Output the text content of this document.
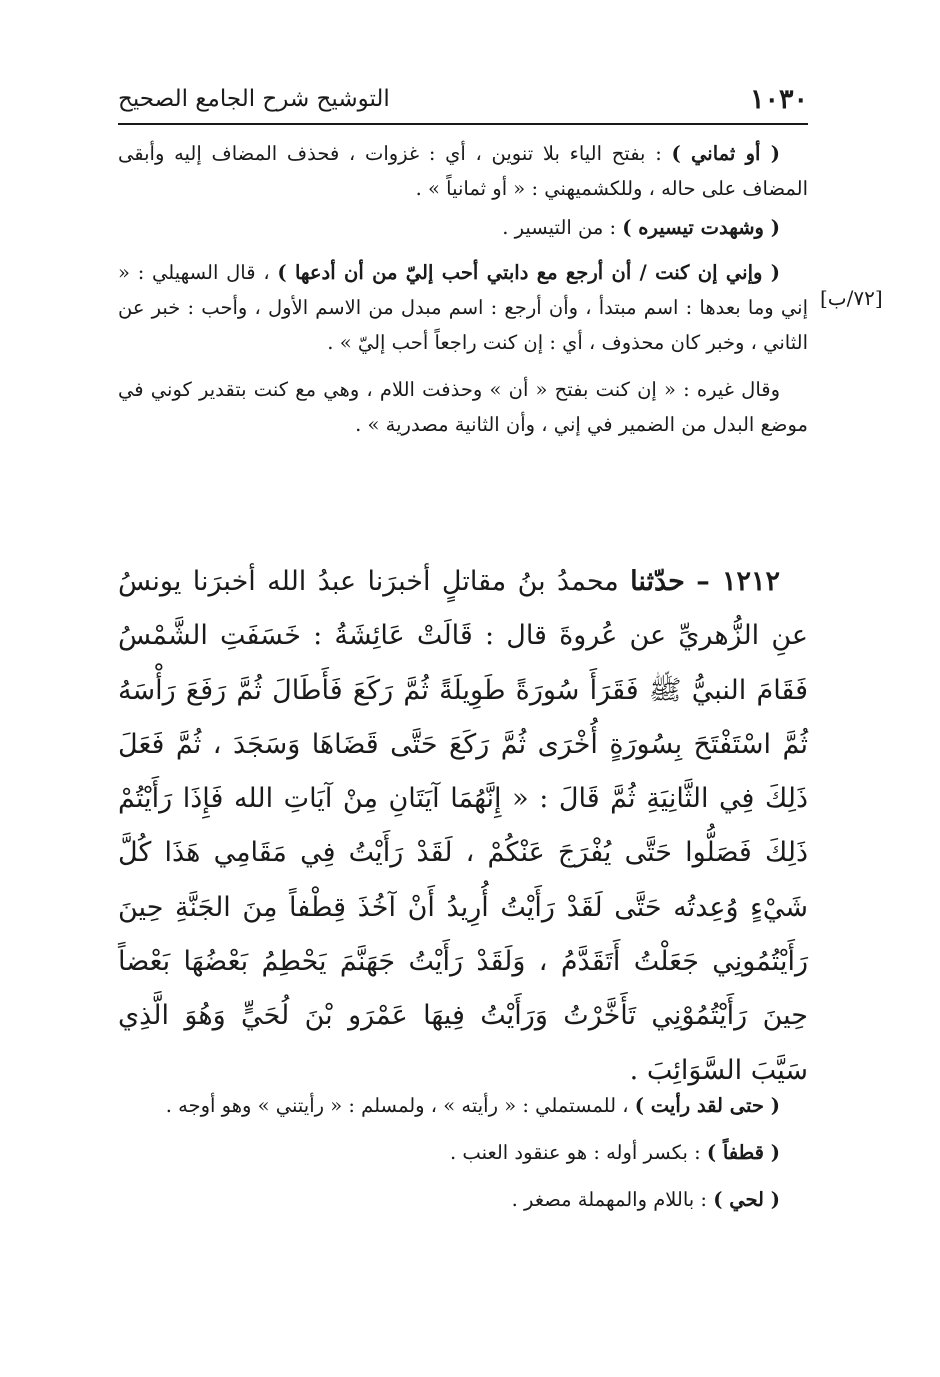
١٠٣٠
التوشيح شرح الجامع الصحيح
[٧٢/ب]

( أو ثماني ) : بفتح الياء بلا تنوين ، أي : غزوات ، فحذف المضاف إليه وأبقى المضاف على حاله ، وللكشميهني : « أو ثمانياً » .

( وشهدت تيسيره ) : من التيسير .

( وإني إن كنت / أن أرجع مع دابتي أحب إليّ من أن أدعها ) ، قال السهيلي : « إني وما بعدها : اسم مبتدأ ، وأن أرجع : اسم مبدل من الاسم الأول ، وأحب : خبر عن الثاني ، وخبر كان محذوف ، أي : إن كنت راجعاً أحب إليّ » .

وقال غيره : « إن كنت بفتح « أن » وحذفت اللام ، وهي مع كنت بتقدير كوني في موضع البدل من الضمير في إني ، وأن الثانية مصدرية » .

١٢١٢ – حدّثنا محمدُ بنُ مقاتلٍ أخبرَنا عبدُ الله أخبرَنا يونسُ عنِ الزُّهريِّ عن عُروةَ قال : قَالَتْ عَائِشَةُ : خَسَفَتِ الشَّمْسُ فَقَامَ النبيُّ ﷺ فَقَرَأَ سُورَةً طَوِيلَةً ثُمَّ رَكَعَ فَأَطَالَ ثُمَّ رَفَعَ رَأْسَهُ ثُمَّ اسْتَفْتَحَ بِسُورَةٍ أُخْرَى ثُمَّ رَكَعَ حَتَّى قَضَاهَا وَسَجَدَ ، ثُمَّ فَعَلَ ذَلِكَ فِي الثَّانِيَةِ ثُمَّ قَالَ : « إِنَّهُمَا آيَتَانِ مِنْ آيَاتِ الله فَإِذَا رَأَيْتُمْ ذَلِكَ فَصَلُّوا حَتَّى يُفْرَجَ عَنْكُمْ ، لَقَدْ رَأَيْتُ فِي مَقَامِي هَذَا كُلَّ شَيْءٍ وُعِدتُه حَتَّى لَقَدْ رَأَيْتُ أُرِيدُ أَنْ آخُذَ قِطْفاً مِنَ الجَنَّةِ حِينَ رَأَيْتُمُونِي جَعَلْتُ أَتَقَدَّمُ ، وَلَقَدْ رَأَيْتُ جَهَنَّمَ يَحْطِمُ بَعْضُهَا بَعْضاً حِينَ رَأَيْتُمُوْنِي تَأَخَّرْتُ وَرَأَيْتُ فِيهَا عَمْرَو بْنَ لُحَيٍّ وَهُوَ الَّذِي سَيَّبَ السَّوَائِبَ .

( حتى لقد رأيت ) ، للمستملي : « رأيته » ، ولمسلم : « رأيتني » وهو أوجه .

( قطفاً ) : بكسر أوله : هو عنقود العنب .

( لحي ) : باللام والمهملة مصغر .
